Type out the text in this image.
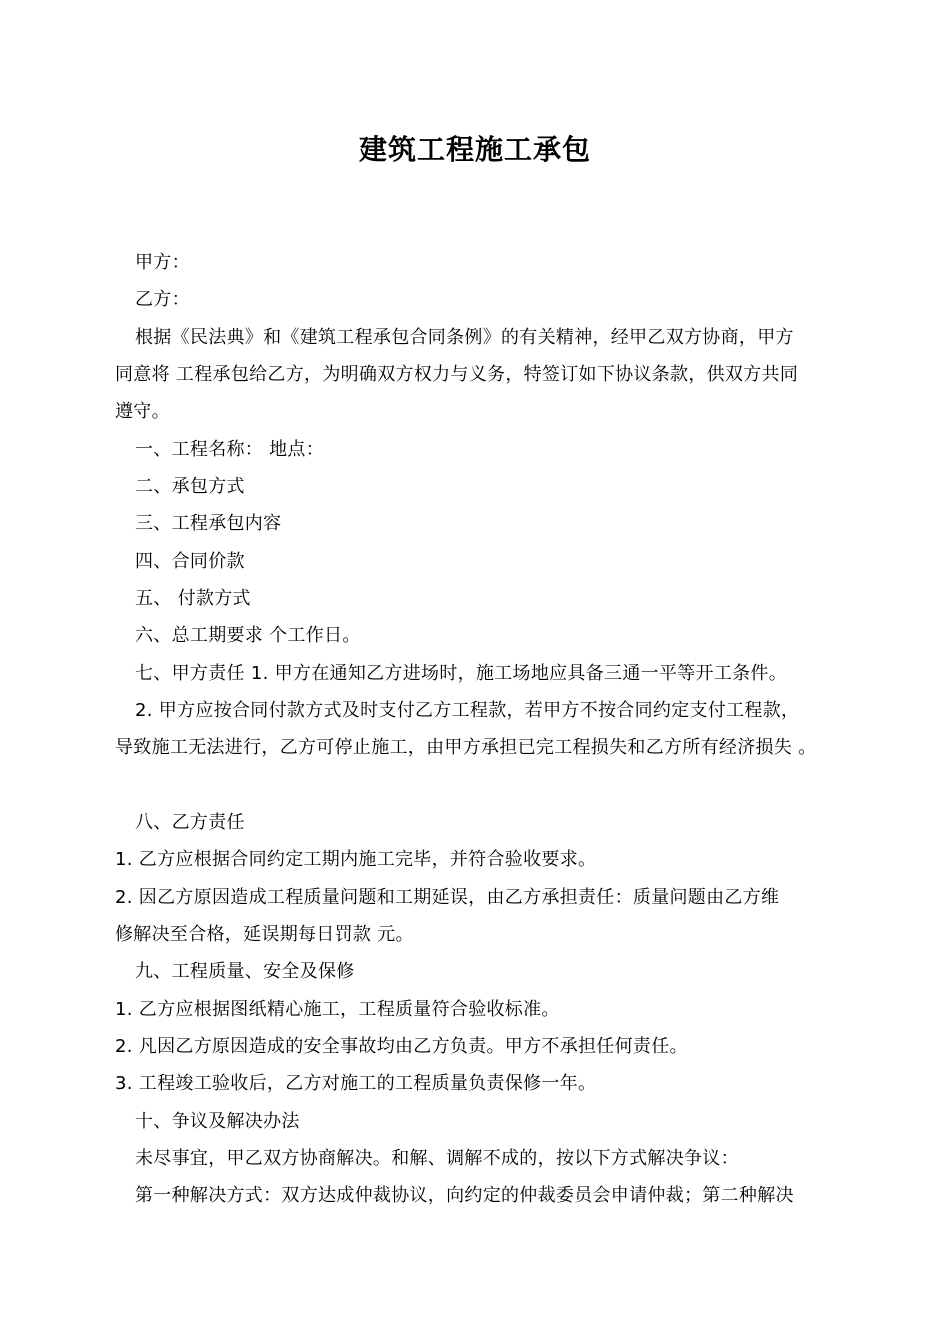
建筑工程施工承包
甲方：
乙方：
根据《民法典》和《建筑工程承包合同条例》的有关精神，经甲乙双方协商，甲方
同意将 工程承包给乙方，为明确双方权力与义务，特签订如下协议条款，供双方共同
遵守。
一、工程名称： 地点：
二、承包方式
三、工程承包内容
四、合同价款
五、 付款方式
六、总工期要求 个工作日。
七、甲方责任 1. 甲方在通知乙方进场时，施工场地应具备三通一平等开工条件。
2. 甲方应按合同付款方式及时支付乙方工程款，若甲方不按合同约定支付工程款，
导致施工无法进行，乙方可停止施工，由甲方承担已完工程损失和乙方所有经济损失 。
八、乙方责任
1. 乙方应根据合同约定工期内施工完毕，并符合验收要求。
2. 因乙方原因造成工程质量问题和工期延误，由乙方承担责任：质量问题由乙方维
修解决至合格，延误期每日罚款 元。
九、工程质量、安全及保修
1. 乙方应根据图纸精心施工，工程质量符合验收标准。
2. 凡因乙方原因造成的安全事故均由乙方负责。甲方不承担任何责任。
3. 工程竣工验收后，乙方对施工的工程质量负责保修一年。
十、争议及解决办法
未尽事宜，甲乙双方协商解决。和解、调解不成的，按以下方式解决争议：
第一种解决方式：双方达成仲裁协议，向约定的仲裁委员会申请仲裁；第二种解决
